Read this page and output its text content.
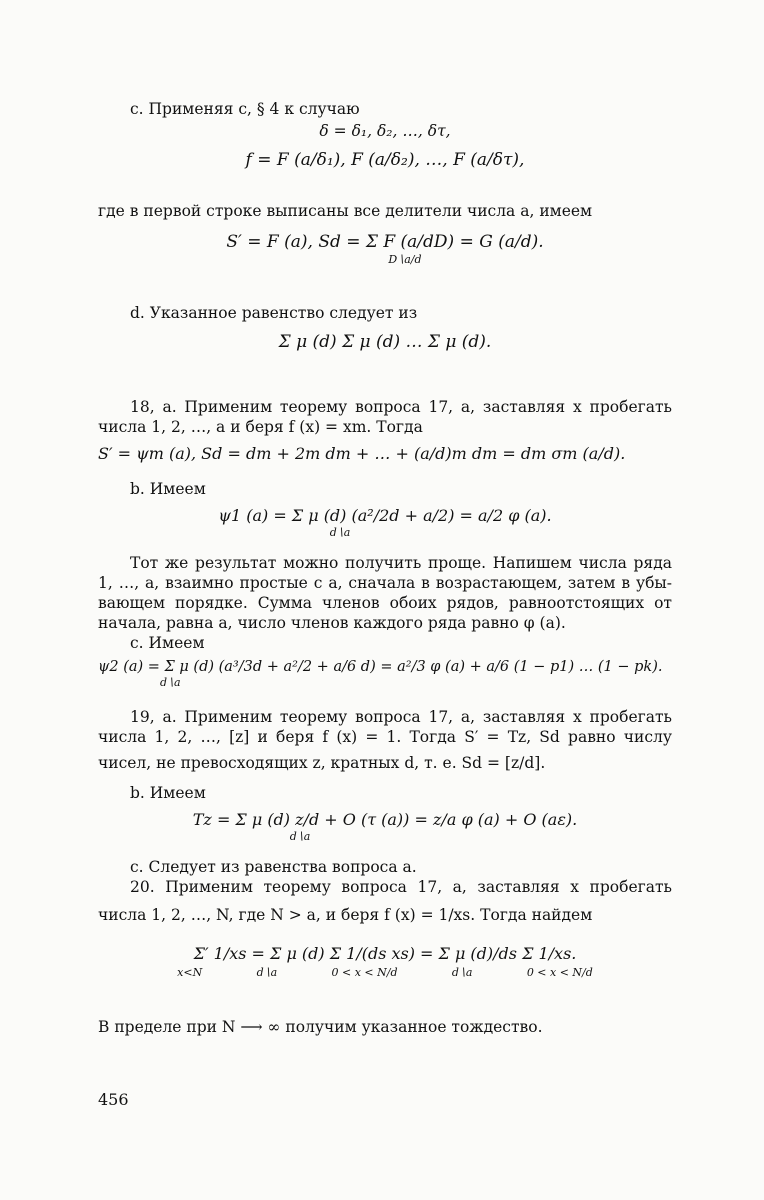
c. Применяя c, § 4 к случаю
δ = δ₁, δ₂, …, δτ,
f = F (a/δ₁), F (a/δ₂), …, F (a/δτ),
где в первой строке выписаны все делители числа a, имеем
S′ = F (a), Sd = Σ F (a/dD) = G (a/d).
D∖a/d
d. Указанное равенство следует из
Σ μ (d) Σ μ (d) … Σ μ (d).
18, a. Применим теорему вопроса 17, a, заставляя x пробегать
числа 1, 2, …, a и беря f (x) = xm. Тогда
S′ = ψm (a), Sd = dm + 2m dm + … + (a/d)m dm = dm σm (a/d).
b. Имеем
ψ1 (a) = Σ μ (d) (a²/2d + a/2) = a/2 φ (a).
d∖a
Тот же результат можно получить проще. Напишем числа ряда
1, …, a, взаимно простые с a, сначала в возрастающем, затем в убы-
вающем порядке. Сумма членов обоих рядов, равноотстоящих от
начала, равна a, число членов каждого ряда равно φ (a).
c. Имеем
ψ2 (a) = Σ μ (d) (a³/3d + a²/2 + a/6 d) = a²/3 φ (a) + a/6 (1 − p1) … (1 − pk).
d∖a
19, a. Применим теорему вопроса 17, a, заставляя x пробегать
числа 1, 2, …, [z] и беря f (x) = 1. Тогда S′ = Tz, Sd равно числу
чисел, не превосходящих z, кратных d, т. е. Sd = [z/d].
b. Имеем
Tz = Σ μ (d) z/d + O (τ (a)) = z/a φ (a) + O (aε).
d∖a
c. Следует из равенства вопроса a.
20. Применим теорему вопроса 17, a, заставляя x пробегать
числа 1, 2, …, N, где N > a, и беря f (x) = 1/xs. Тогда найдем
Σ′ 1/xs = Σ μ (d) Σ 1/(ds xs) = Σ μ (d)/ds Σ 1/xs.
x<N	d∖a	0 < x < N/d	d∖a	0 < x < N/d
В пределе при N ⟶ ∞ получим указанное тождество.
456
